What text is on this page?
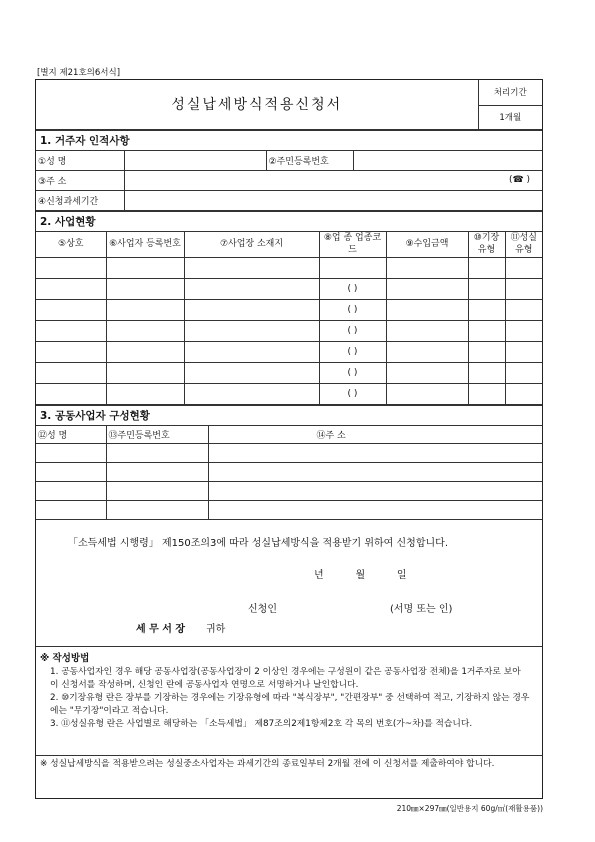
[별지 제21호의6서식]
성실납세방식적용신청서	처리기간
1개월
1. 거주자 인적사항			
①성 명		②주민등록번호	
③주 소	(☎ )		
④신청과세기간			
2. 사업현황						
⑤상호	⑥사업자 등록번호	⑦사업장 소재지	⑧업 종 업종코드	⑨수입금액	⑩기장 유형	⑪성실 유형

			( )			
			( )			
			( )			
			( )			
			( )			
			( )			
3. 공동사업자 구성현황		
⑫성 명	⑬주민등록번호	⑭주 소

「소득세법 시행령」 제150조의3에 따라 성실납세방식을 적용받기 위하여 신청합니다.
년          월          일
신청인	(서명 또는 인)
세 무 서 장 귀하
※ 작성방법
1. 공동사업자인 경우 해당 공동사업장(공동사업장이 2 이상인 경우에는 구성원이 같은 공동사업장 전체)을 1거주자로 보아 이 신청서를 작성하며, 신청인 란에 공동사업자 연명으로 서명하거나 날인합니다.
2. ⑩기장유형 란은 장부를 기장하는 경우에는 기장유형에 따라 "복식장부", "간편장부" 중 선택하여 적고, 기장하지 않는 경우에는 "무기장"이라고 적습니다.
3. ⑪성실유형 란은 사업별로 해당하는 「소득세법」 제87조의2제1항제2호 각 목의 번호(가~차)를 적습니다.
※ 성실납세방식을 적용받으려는 성실중소사업자는 과세기간의 종료일부터 2개월 전에 이 신청서를 제출하여야 합니다.
210㎜×297㎜(일반용지 60g/㎡(재활용품))
